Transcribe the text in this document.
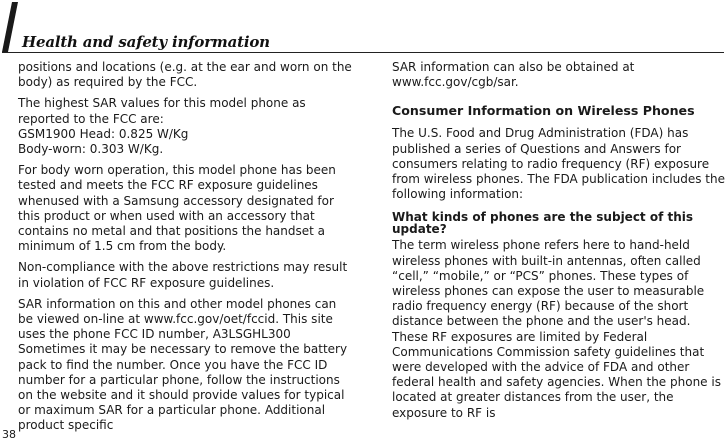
Health and safety information

positions and locations (e.g. at the ear and worn on the body) as required by the FCC.

The highest SAR values for this model phone as reported to the FCC are:
GSM1900 Head: 0.825 W/Kg
Body-worn: 0.303 W/Kg.

For body worn operation, this model phone has been tested and meets the FCC RF exposure guidelines whenused with a Samsung accessory designated for this product or when used with an accessory that contains no metal and that positions the handset a minimum of 1.5 cm from the body.

Non-compliance with the above restrictions may result in violation of FCC RF exposure guidelines.

SAR information on this and other model phones can be viewed on-line at www.fcc.gov/oet/fccid. This site uses the phone FCC ID number, A3LSGHL300 Sometimes it may be necessary to remove the battery pack to find the number. Once you have the FCC ID number for a particular phone, follow the instructions on the website and it should provide values for typical or maximum SAR for a particular phone. Additional product specific

SAR information can also be obtained at www.fcc.gov/cgb/sar.

Consumer Information on Wireless Phones

The U.S. Food and Drug Administration (FDA) has published a series of Questions and Answers for consumers relating to radio frequency (RF) exposure from wireless phones. The FDA publication includes the following information:

What kinds of phones are the subject of this update?

The term wireless phone refers here to hand-held wireless phones with built-in antennas, often called “cell,” “mobile,” or “PCS” phones. These types of wireless phones can expose the user to measurable radio frequency energy (RF) because of the short distance between the phone and the user's head. These RF exposures are limited by Federal Communications Commission safety guidelines that were developed with the advice of FDA and other federal health and safety agencies. When the phone is located at greater distances from the user, the exposure to RF is

38
